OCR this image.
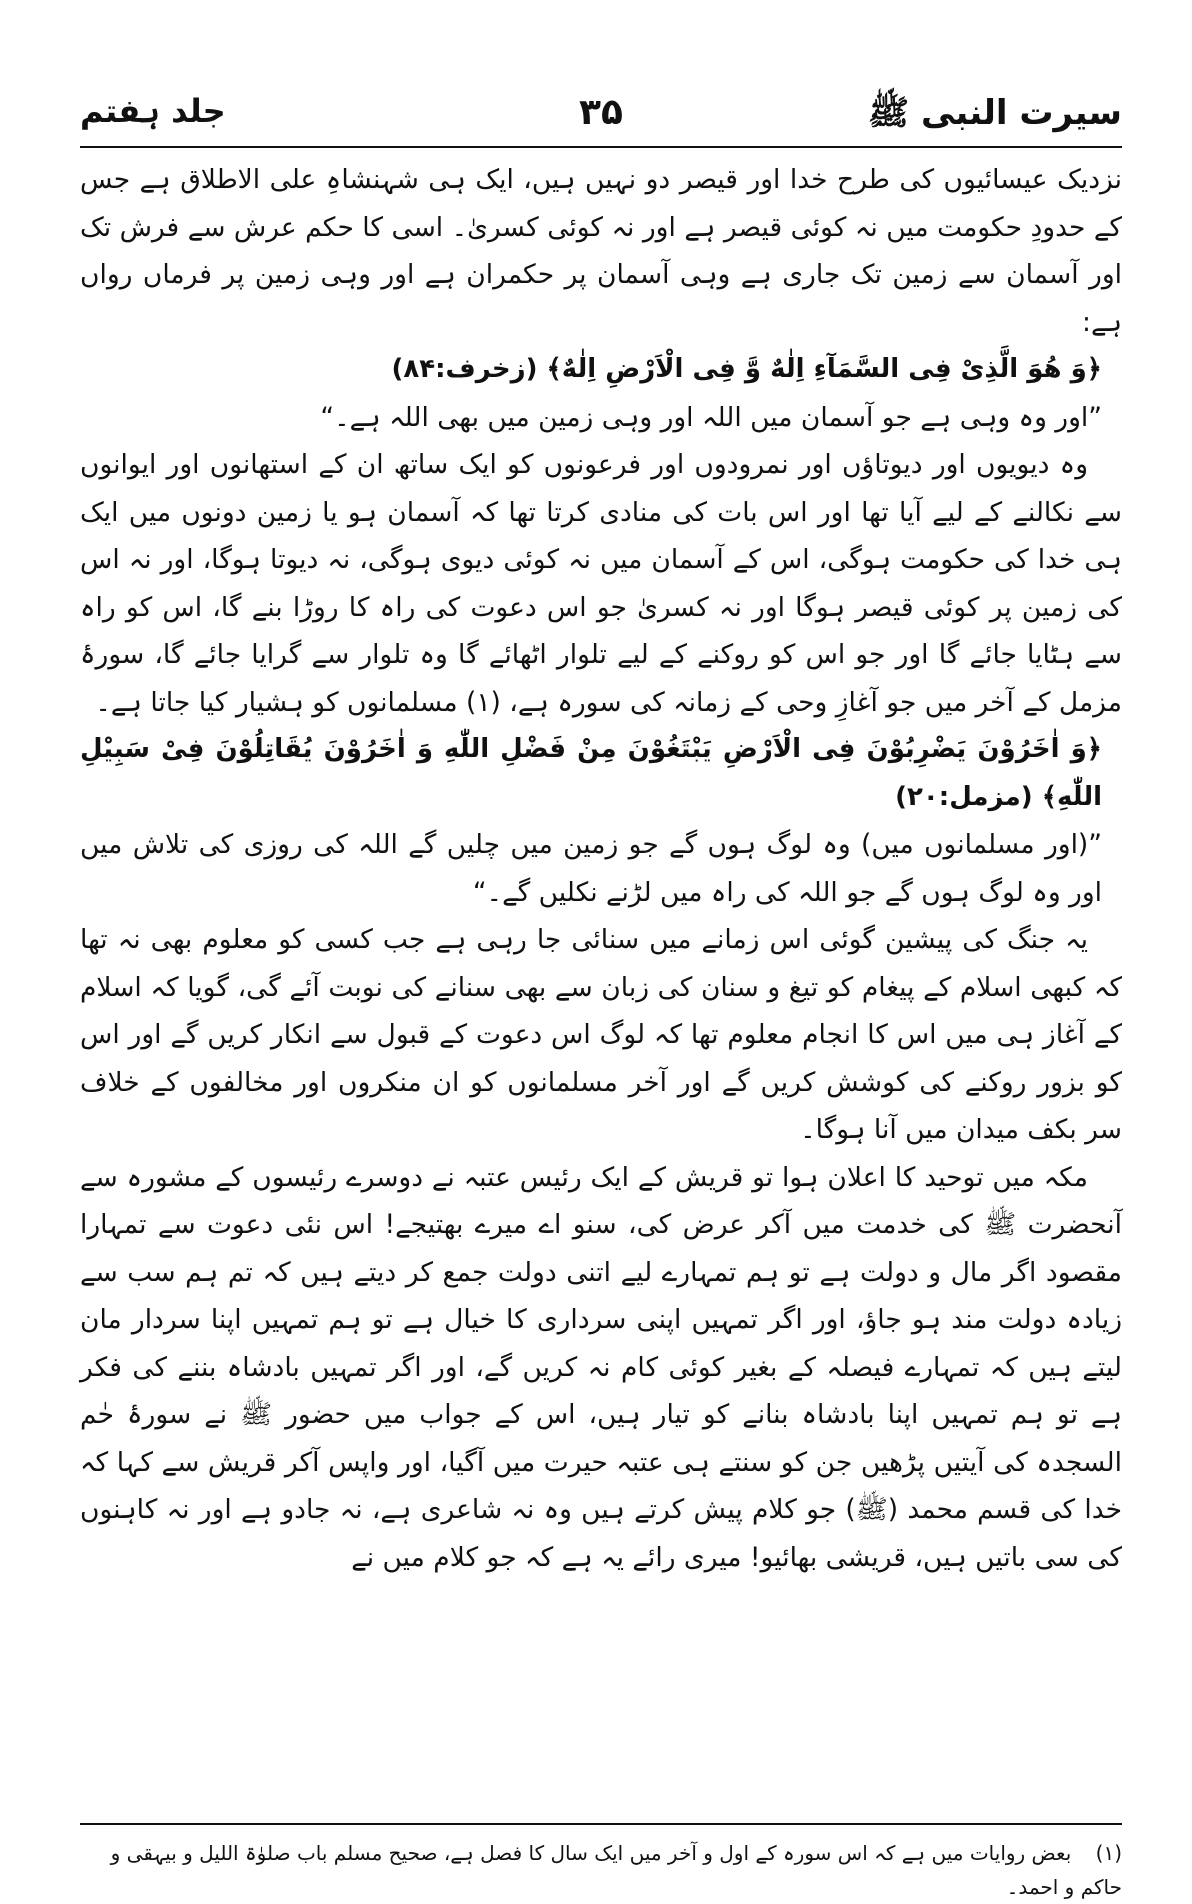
سیرت النبی ﷺ
۳۵
جلد ہفتم

نزدیک عیسائیوں کی طرح خدا اور قیصر دو نہیں ہیں، ایک ہی شہنشاہِ علی الاطلاق ہے جس کے حدودِ حکومت میں نہ کوئی قیصر ہے اور نہ کوئی کسریٰ۔ اسی کا حکم عرش سے فرش تک اور آسمان سے زمین تک جاری ہے وہی آسمان پر حکمران ہے اور وہی زمین پر فرماں رواں ہے:

﴿وَ هُوَ الَّذِیْ فِی السَّمَآءِ اِلٰهٌ وَّ فِی الْاَرْضِ اِلٰهٌ﴾ (زخرف:۸۴)

”اور وہ وہی ہے جو آسمان میں اللہ اور وہی زمین میں بھی اللہ ہے۔“

وہ دیویوں اور دیوتاؤں اور نمرودوں اور فرعونوں کو ایک ساتھ ان کے استھانوں اور ایوانوں سے نکالنے کے لیے آیا تھا اور اس بات کی منادی کرتا تھا کہ آسمان ہو یا زمین دونوں میں ایک ہی خدا کی حکومت ہوگی، اس کے آسمان میں نہ کوئی دیوی ہوگی، نہ دیوتا ہوگا، اور نہ اس کی زمین پر کوئی قیصر ہوگا اور نہ کسریٰ جو اس دعوت کی راہ کا روڑا بنے گا، اس کو راہ سے ہٹایا جائے گا اور جو اس کو روکنے کے لیے تلوار اٹھائے گا وہ تلوار سے گرایا جائے گا، سورۂ مزمل کے آخر میں جو آغازِ وحی کے زمانہ کی سورہ ہے، (۱) مسلمانوں کو ہشیار کیا جاتا ہے۔

﴿وَ اٰخَرُوْنَ یَضْرِبُوْنَ فِی الْاَرْضِ یَبْتَغُوْنَ مِنْ فَضْلِ اللّٰهِ وَ اٰخَرُوْنَ یُقَاتِلُوْنَ فِیْ سَبِیْلِ اللّٰهِ﴾ (مزمل:۲۰)

”(اور مسلمانوں میں) وہ لوگ ہوں گے جو زمین میں چلیں گے اللہ کی روزی کی تلاش میں اور وہ لوگ ہوں گے جو اللہ کی راہ میں لڑنے نکلیں گے۔“

یہ جنگ کی پیشین گوئی اس زمانے میں سنائی جا رہی ہے جب کسی کو معلوم بھی نہ تھا کہ کبھی اسلام کے پیغام کو تیغ و سنان کی زبان سے بھی سنانے کی نوبت آئے گی، گویا کہ اسلام کے آغاز ہی میں اس کا انجام معلوم تھا کہ لوگ اس دعوت کے قبول سے انکار کریں گے اور اس کو بزور روکنے کی کوشش کریں گے اور آخر مسلمانوں کو ان منکروں اور مخالفوں کے خلاف سر بکف میدان میں آنا ہوگا۔

مکہ میں توحید کا اعلان ہوا تو قریش کے ایک رئیس عتبہ نے دوسرے رئیسوں کے مشورہ سے آنحضرت ﷺ کی خدمت میں آکر عرض کی، سنو اے میرے بھتیجے! اس نئی دعوت سے تمہارا مقصود اگر مال و دولت ہے تو ہم تمہارے لیے اتنی دولت جمع کر دیتے ہیں کہ تم ہم سب سے زیادہ دولت مند ہو جاؤ، اور اگر تمہیں اپنی سرداری کا خیال ہے تو ہم تمہیں اپنا سردار مان لیتے ہیں کہ تمہارے فیصلہ کے بغیر کوئی کام نہ کریں گے، اور اگر تمہیں بادشاہ بننے کی فکر ہے تو ہم تمہیں اپنا بادشاہ بنانے کو تیار ہیں، اس کے جواب میں حضور ﷺ نے سورۂ حٰم السجدہ کی آیتیں پڑھیں جن کو سنتے ہی عتبہ حیرت میں آگیا، اور واپس آکر قریش سے کہا کہ خدا کی قسم محمد (ﷺ) جو کلام پیش کرتے ہیں وہ نہ شاعری ہے، نہ جادو ہے اور نہ کاہنوں کی سی باتیں ہیں، قریشی بھائیو! میری رائے یہ ہے کہ جو کلام میں نے

(۱) بعض روایات میں ہے کہ اس سورہ کے اول و آخر میں ایک سال کا فصل ہے، صحیح مسلم باب صلوٰۃ اللیل و بیہقی و حاکم و احمد۔
